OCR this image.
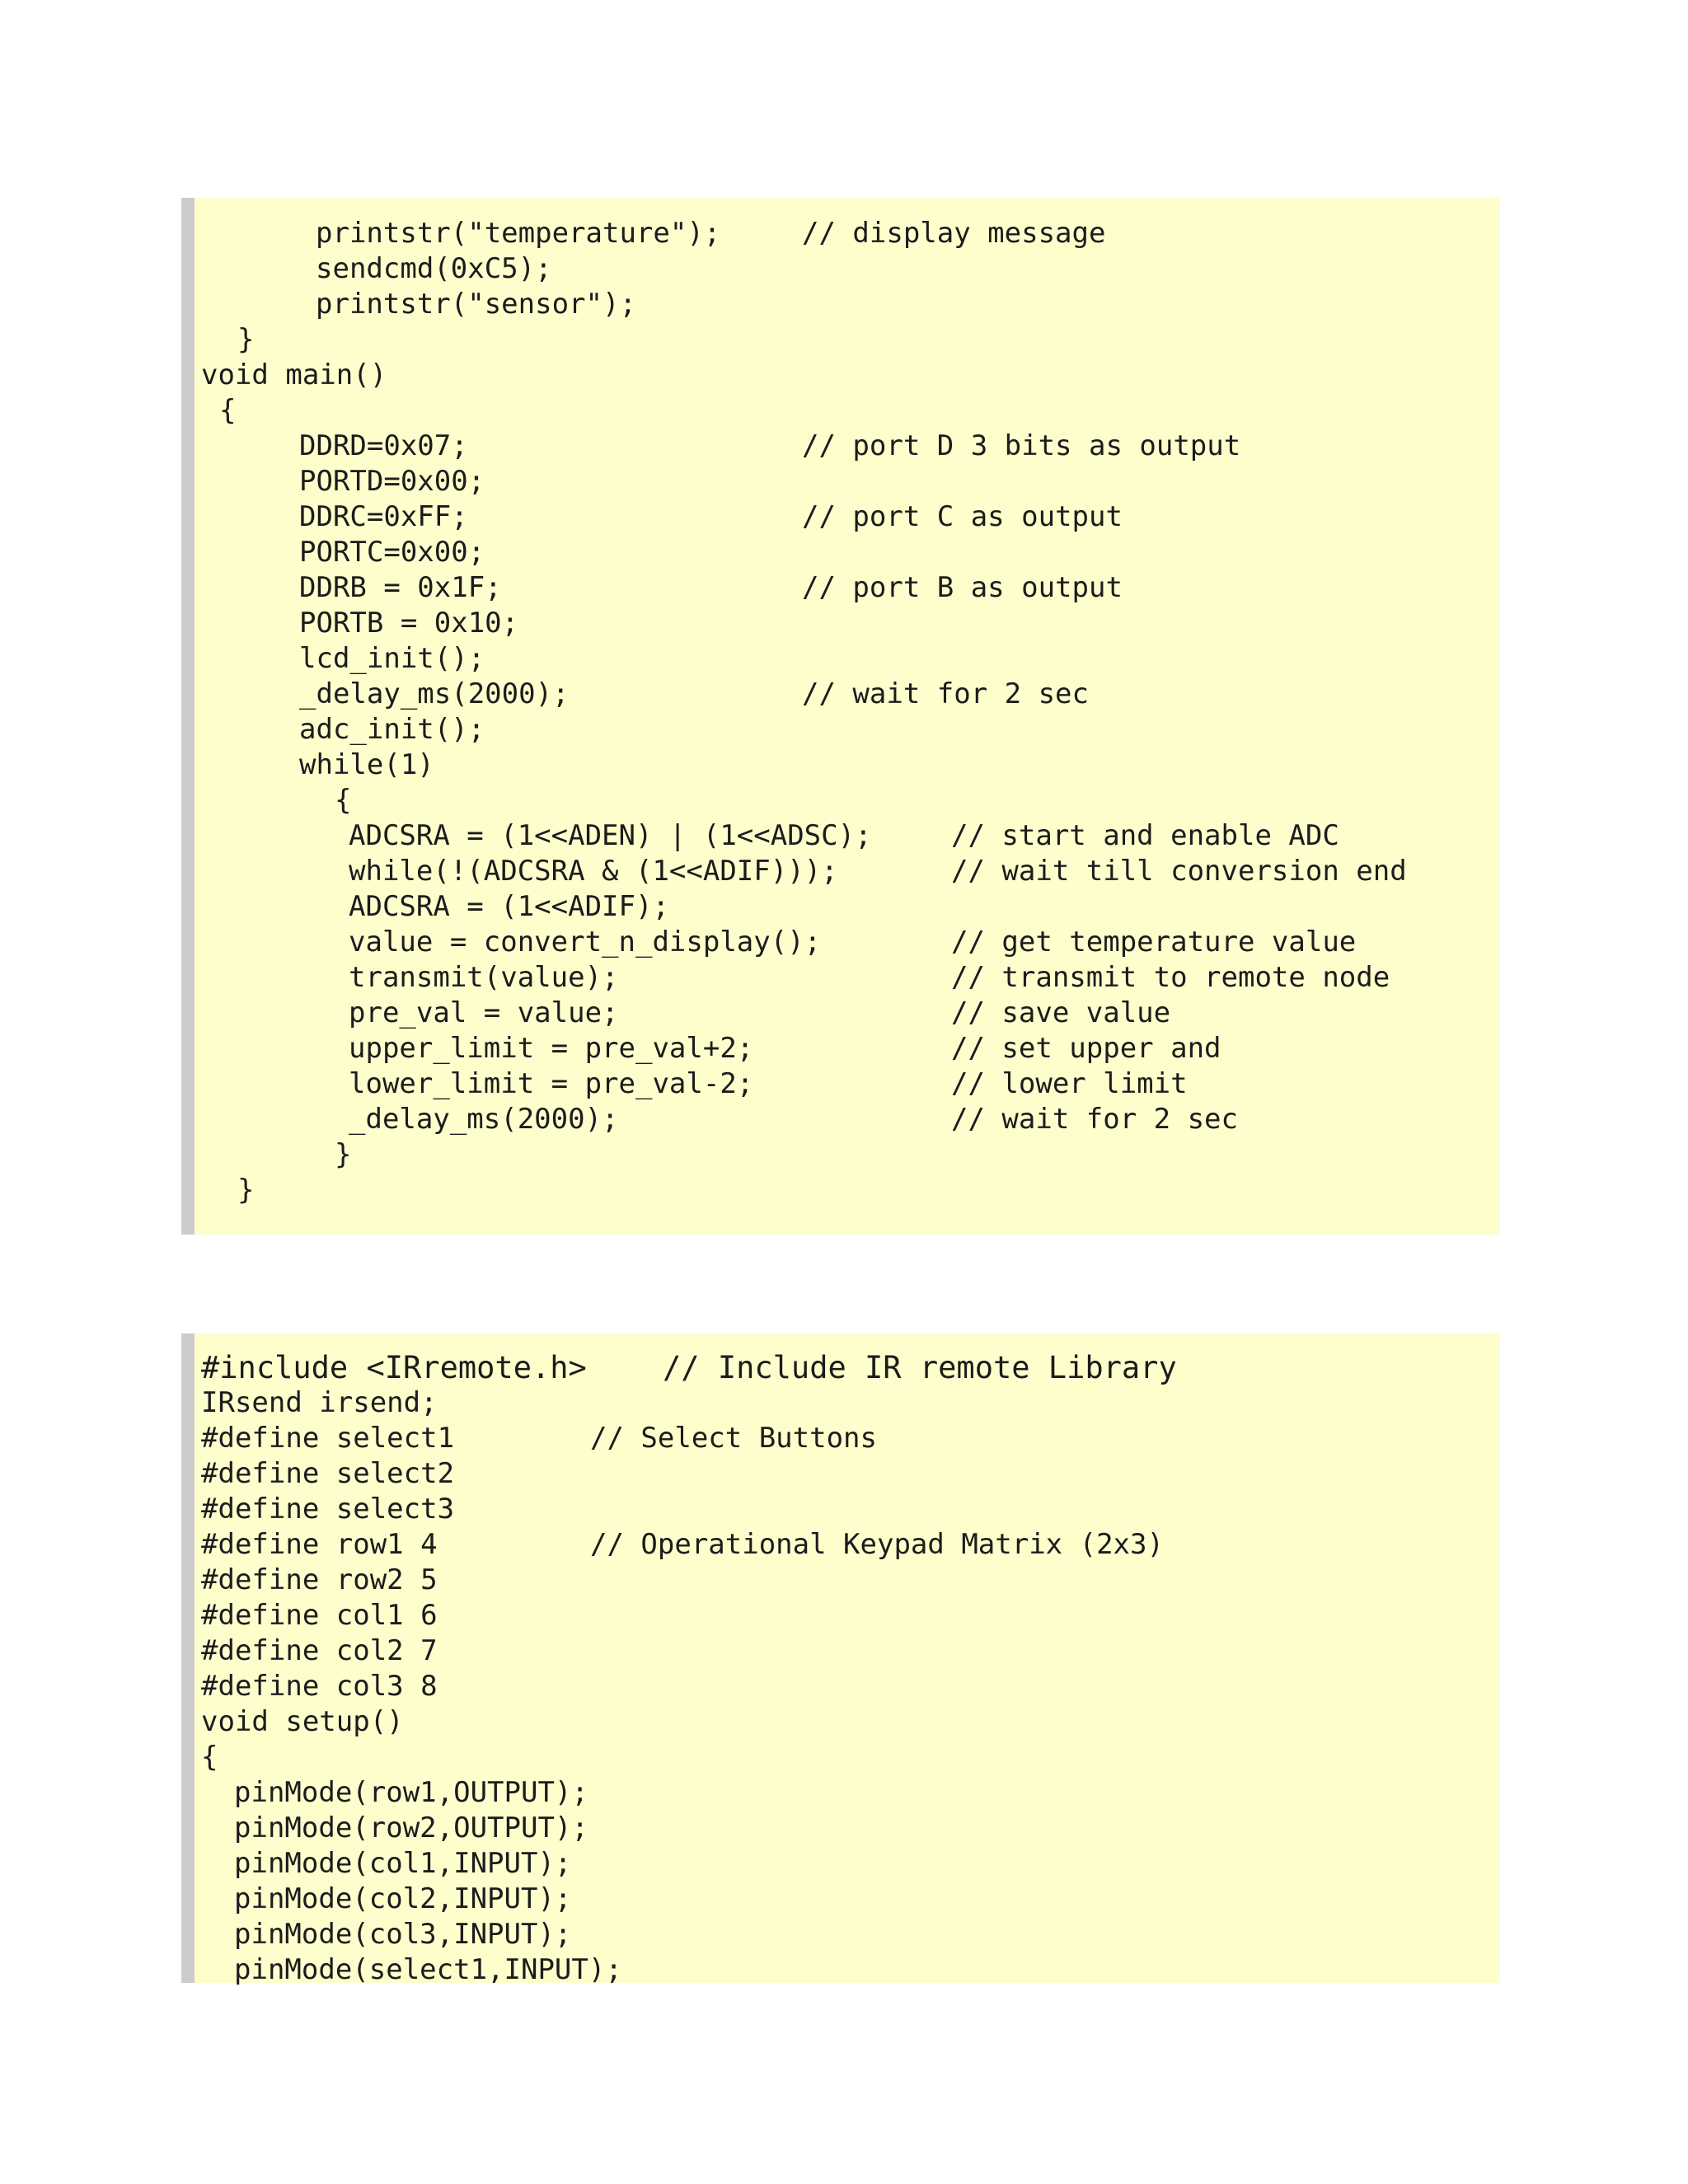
printstr("temperature");	// display message
sendcmd(0xC5);
printstr("sensor");
}
void main()
{
DDRD=0x07;	// port D 3 bits as output
PORTD=0x00;
DDRC=0xFF;	// port C as output
PORTC=0x00;
DDRB = 0x1F;	// port B as output
PORTB = 0x10;
lcd_init();
_delay_ms(2000);	// wait for 2 sec
adc_init();
while(1)
{
ADCSRA = (1<<ADEN) | (1<<ADSC);	// start and enable ADC
while(!(ADCSRA & (1<<ADIF)));	// wait till conversion end
ADCSRA = (1<<ADIF);
value = convert_n_display();	// get temperature value
transmit(value);	// transmit to remote node
pre_val = value;	// save value
upper_limit = pre_val+2;	// set upper and
lower_limit = pre_val-2;	// lower limit
_delay_ms(2000);	// wait for 2 sec
}
}
#include <IRremote.h> // Include IR remote Library
IRsend irsend;
#define select1	// Select Buttons
#define select2
#define select3
#define row1 4	// Operational Keypad Matrix (2x3)
#define row2 5
#define col1 6
#define col2 7
#define col3 8
void setup()
{
pinMode(row1,OUTPUT);
pinMode(row2,OUTPUT);
pinMode(col1,INPUT);
pinMode(col2,INPUT);
pinMode(col3,INPUT);
pinMode(select1,INPUT);
